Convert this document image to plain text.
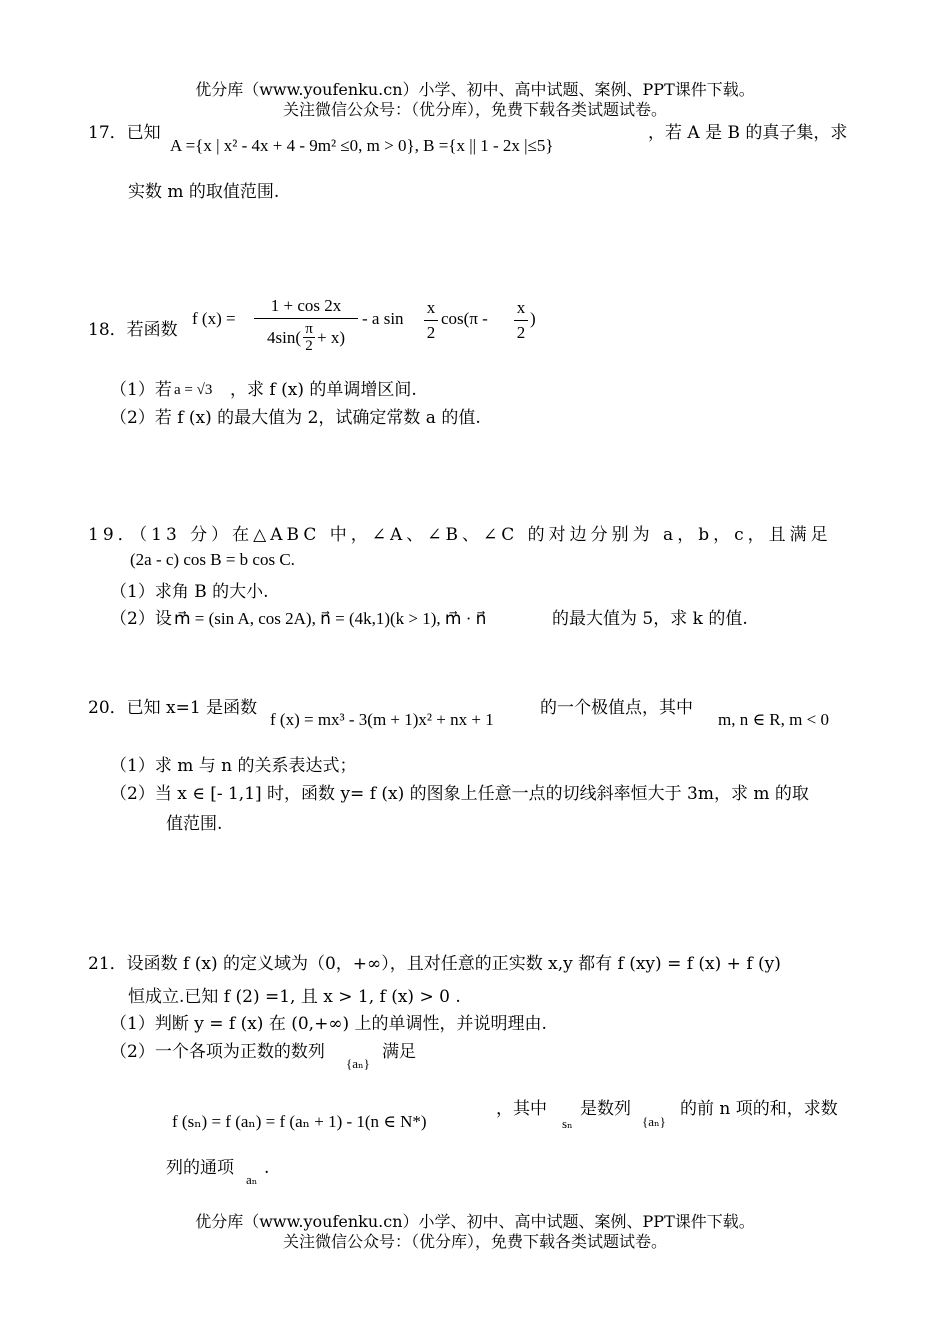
优分库（www.youfenku.cn）小学、初中、高中试题、案例、PPT课件下载。
关注微信公众号：（优分库），免费下载各类试题试卷。
17．已知
A ={x | x² - 4x + 4 - 9m² ≤0, m > 0}, B ={x || 1 - 2x |≤5}
，若 A 是 B 的真子集，求
实数 m 的取值范围.
18．若函数
f (x) =
1 + cos 2x
4sin( π
2 + x)
- a sin
x
2
cos(π -
x
2
)
（1）若 a = √3 ，求 f (x) 的单调增区间.
（2）若 f (x) 的最大值为 2，试确定常数 a 的值.
19．（13 分）在△ABC 中，∠A、∠B、∠C 的对边分别为 a，b，c，且满足
(2a - c) cos B = b cos C.
（1）求角 B 的大小.
（2）设 m⃗ = (sin A, cos 2A), n⃗ = (4k,1)(k > 1), m⃗ · n⃗	的最大值为 5，求 k 的值.
20．已知 x=1 是函数
f (x) = mx³ - 3(m + 1)x² + nx + 1
的一个极值点，其中
m, n ∈ R, m < 0
（1）求 m 与 n 的关系表达式；
（2）当 x ∈ [- 1,1] 时，函数 y= f (x) 的图象上任意一点的切线斜率恒大于 3m，求 m 的取
值范围.
21．设函数 f (x) 的定义域为（0，+∞），且对任意的正实数 x,y 都有 f (xy) = f (x) + f (y)
恒成立.已知 f (2) =1, 且 x > 1, f (x) > 0 .
（1）判断 y = f (x) 在 (0,+∞) 上的单调性，并说明理由.
（2）一个各项为正数的数列
{aₙ}
满足
f (sₙ) = f (aₙ) = f (aₙ + 1) - 1(n ∈ N*)
，其中
sₙ
是数列
{aₙ}
的前 n 项的和，求数
列的通项
aₙ
.
优分库（www.youfenku.cn）小学、初中、高中试题、案例、PPT课件下载。
关注微信公众号：（优分库），免费下载各类试题试卷。
